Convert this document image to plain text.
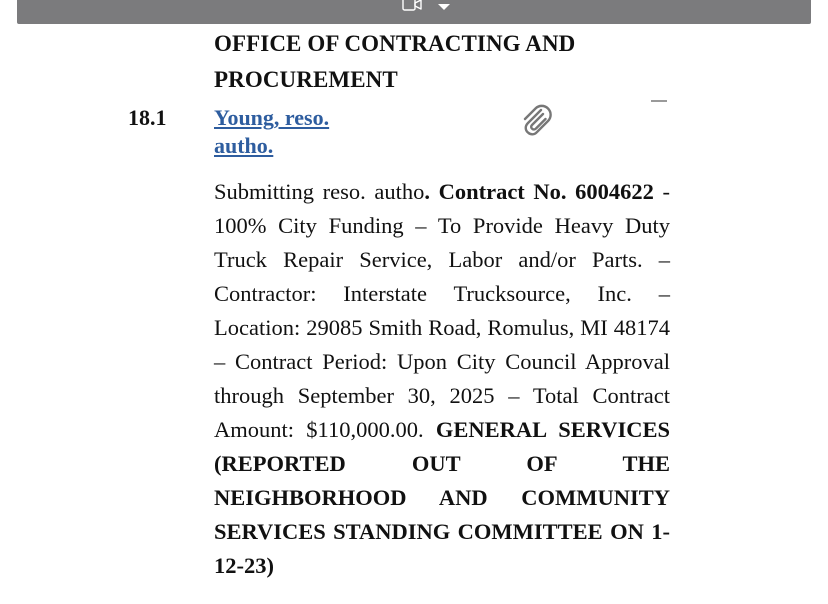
OFFICE OF CONTRACTING AND PROCUREMENT
18.1 Young, reso.
autho.
Submitting reso. autho. Contract No. 6004622 - 100% City Funding – To Provide Heavy Duty Truck Repair Service, Labor and/or Parts. – Contractor: Interstate Trucksource, Inc. – Location: 29085 Smith Road, Romulus, MI 48174 – Contract Period: Upon City Council Approval through September 30, 2025 – Total Contract Amount: $110,000.00. GENERAL SERVICES (REPORTED OUT OF THE NEIGHBORHOOD AND COMMUNITY SERVICES STANDING COMMITTEE ON 1-12-23)
